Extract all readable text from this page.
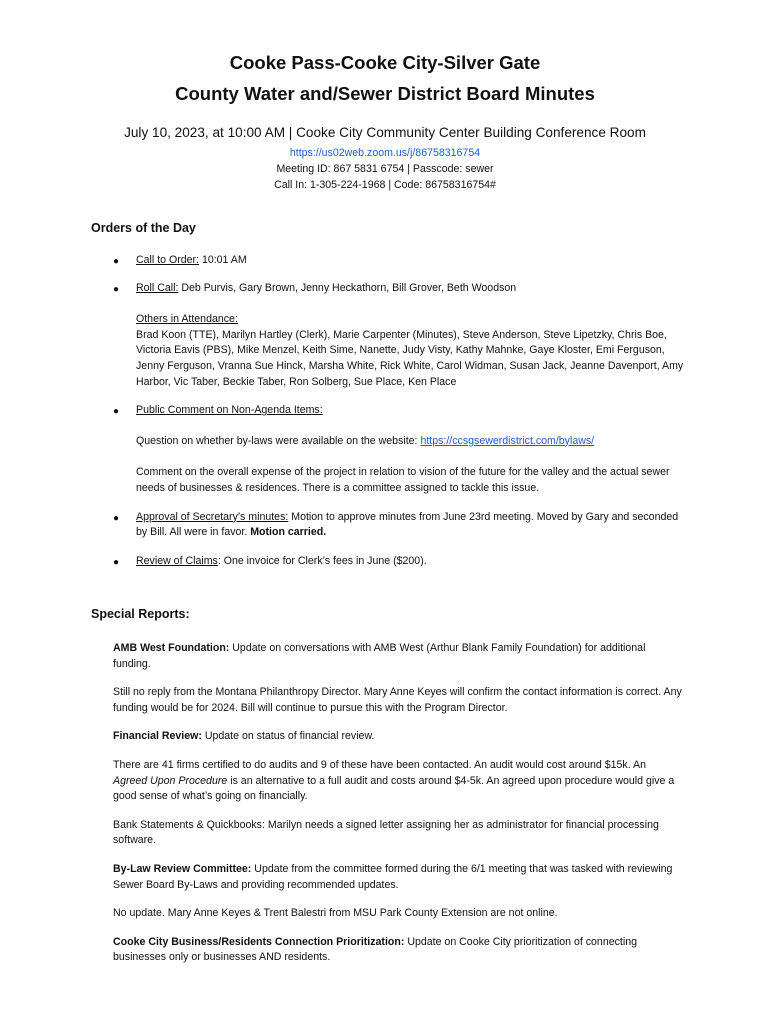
Cooke Pass-Cooke City-Silver Gate
County Water and/Sewer District Board Minutes
July 10, 2023, at 10:00 AM | Cooke City Community Center Building Conference Room
https://us02web.zoom.us/j/86758316754
Meeting ID: 867 5831 6754 | Passcode: sewer
Call In: 1-305-224-1968 | Code: 86758316754#
Orders of the Day
● Call to Order: 10:01 AM
● Roll Call: Deb Purvis, Gary Brown, Jenny Heckathorn, Bill Grover, Beth Woodson
Others in Attendance:
Brad Koon (TTE), Marilyn Hartley (Clerk), Marie Carpenter (Minutes), Steve Anderson, Steve Lipetzky, Chris Boe, Victoria Eavis (PBS), Mike Menzel, Keith Sime, Nanette, Judy Visty, Kathy Mahnke, Gaye Kloster, Emi Ferguson, Jenny Ferguson, Vranna Sue Hinck, Marsha White, Rick White, Carol Widman, Susan Jack, Jeanne Davenport, Amy Harbor, Vic Taber, Beckie Taber, Ron Solberg, Sue Place, Ken Place
● Public Comment on Non-Agenda Items:
Question on whether by-laws were available on the website: https://ccsgsewerdistrict.com/bylaws/
Comment on the overall expense of the project in relation to vision of the future for the valley and the actual sewer needs of businesses & residences. There is a committee assigned to tackle this issue.
● Approval of Secretary’s minutes: Motion to approve minutes from June 23rd meeting. Moved by Gary and seconded by Bill. All were in favor. Motion carried.
● Review of Claims: One invoice for Clerk’s fees in June ($200).
Special Reports:

AMB West Foundation: Update on conversations with AMB West (Arthur Blank Family Foundation) for additional funding.

Still no reply from the Montana Philanthropy Director. Mary Anne Keyes will confirm the contact information is correct. Any funding would be for 2024. Bill will continue to pursue this with the Program Director.

Financial Review: Update on status of financial review.

There are 41 firms certified to do audits and 9 of these have been contacted. An audit would cost around $15k. An Agreed Upon Procedure is an alternative to a full audit and costs around $4-5k. An agreed upon procedure would give a good sense of what’s going on financially.

Bank Statements & Quickbooks: Marilyn needs a signed letter assigning her as administrator for financial processing software.

By-Law Review Committee: Update from the committee formed during the 6/1 meeting that was tasked with reviewing Sewer Board By-Laws and providing recommended updates.

No update. Mary Anne Keyes & Trent Balestri from MSU Park County Extension are not online.

Cooke City Business/Residents Connection Prioritization: Update on Cooke City prioritization of connecting businesses only or businesses AND residents.
